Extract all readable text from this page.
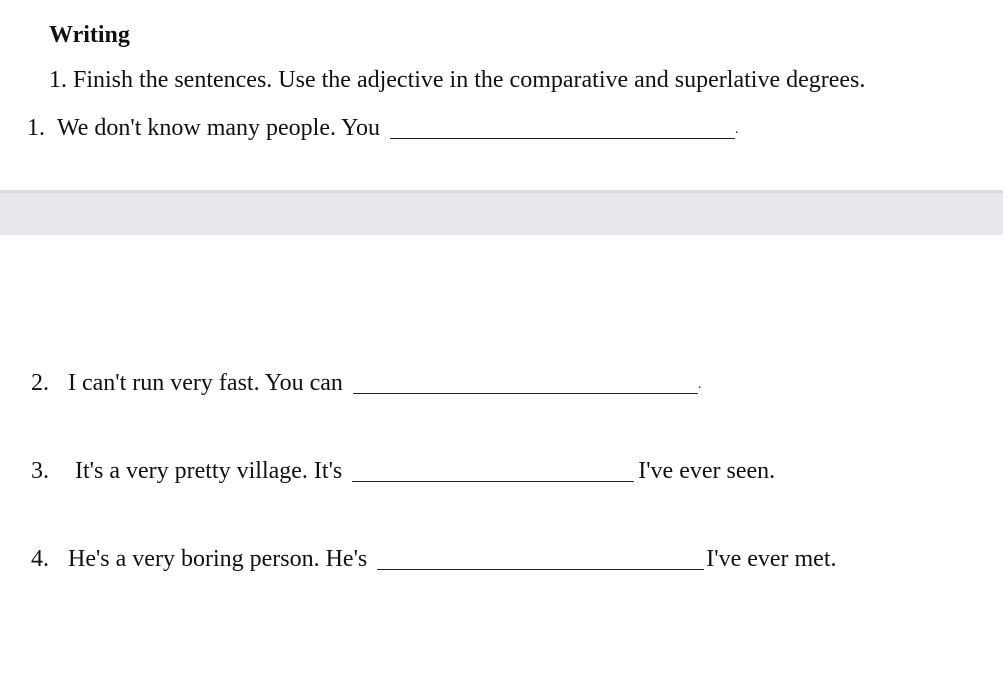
Writing
1. Finish the sentences. Use the adjective in the comparative and superlative degrees.
1. We don't know many people. You	.
2. I can't run very fast. You can	.
3. It's a very pretty village. It's	I've ever seen.
4. He's a very boring person. He's	I've ever met.
